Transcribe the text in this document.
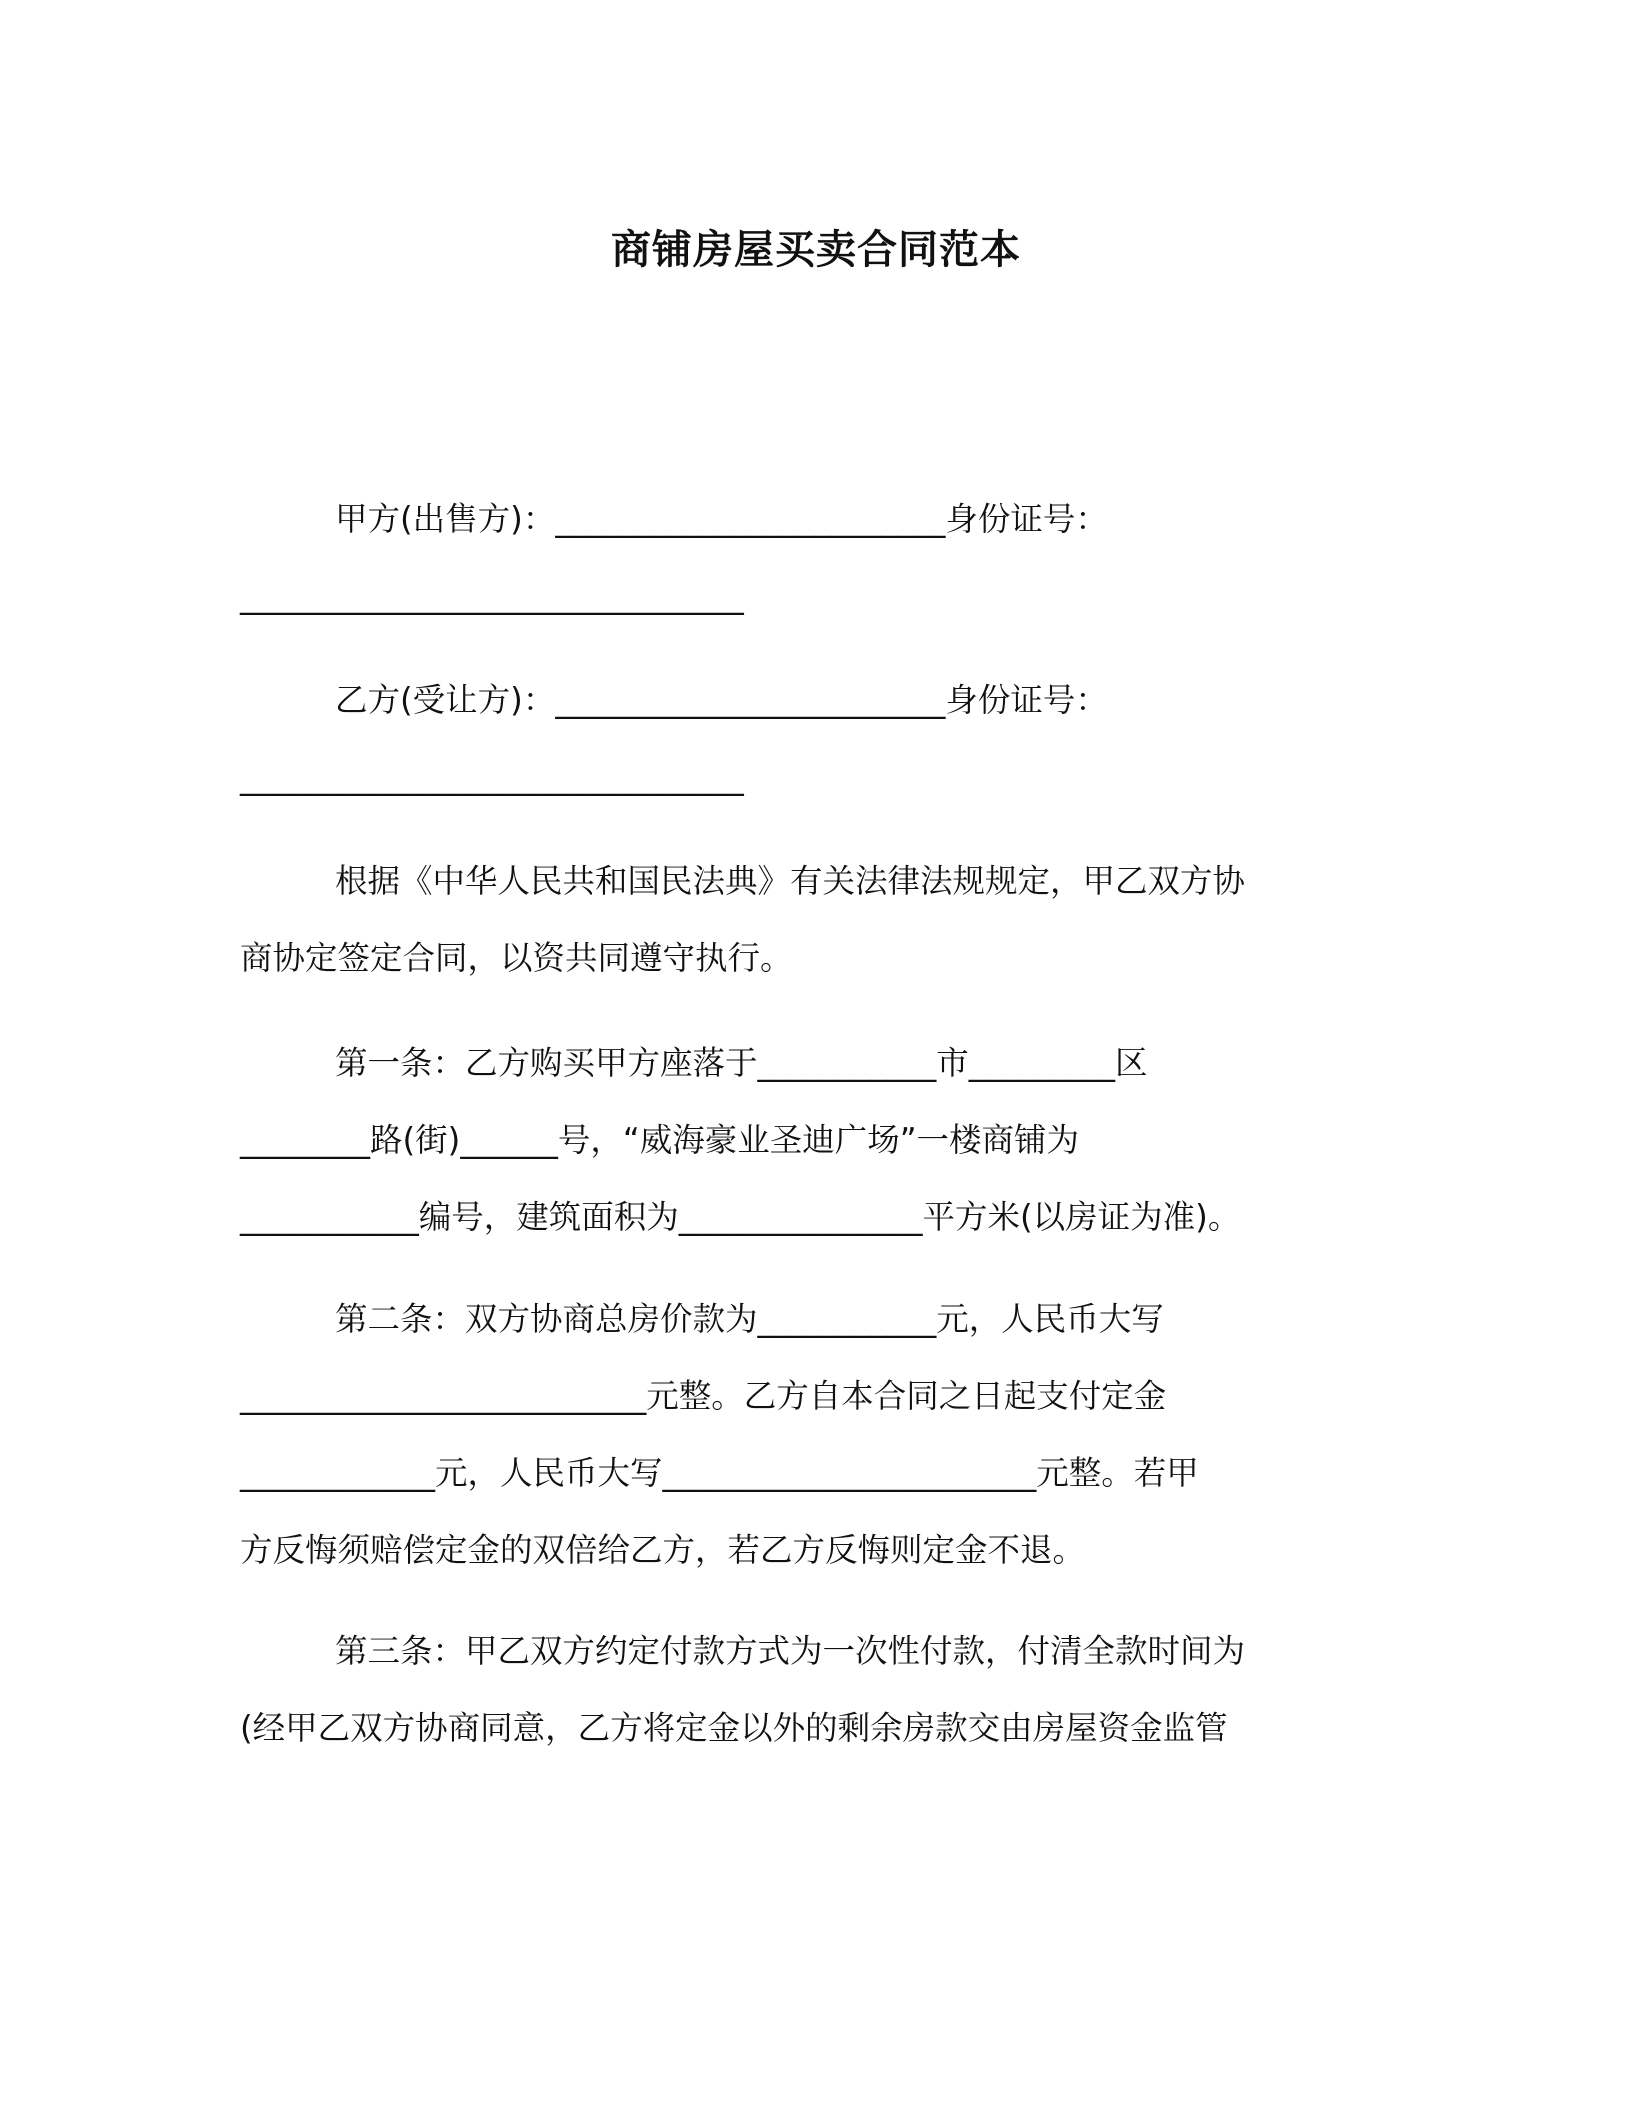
商铺房屋买卖合同范本
甲方(出售方)：________________________身份证号：
_______________________________
乙方(受让方)：________________________身份证号：
_______________________________
根据《中华人民共和国民法典》有关法律法规规定，甲乙双方协
商协定签定合同，以资共同遵守执行。
第一条：乙方购买甲方座落于___________市_________区
________路(街)______号，“威海豪业圣迪广场”一楼商铺为
___________编号，建筑面积为_______________平方米(以房证为准)。
第二条：双方协商总房价款为___________元，人民币大写
_________________________元整。乙方自本合同之日起支付定金
____________元，人民币大写_______________________元整。若甲
方反悔须赔偿定金的双倍给乙方，若乙方反悔则定金不退。
第三条：甲乙双方约定付款方式为一次性付款，付清全款时间为
(经甲乙双方协商同意，乙方将定金以外的剩余房款交由房屋资金监管
